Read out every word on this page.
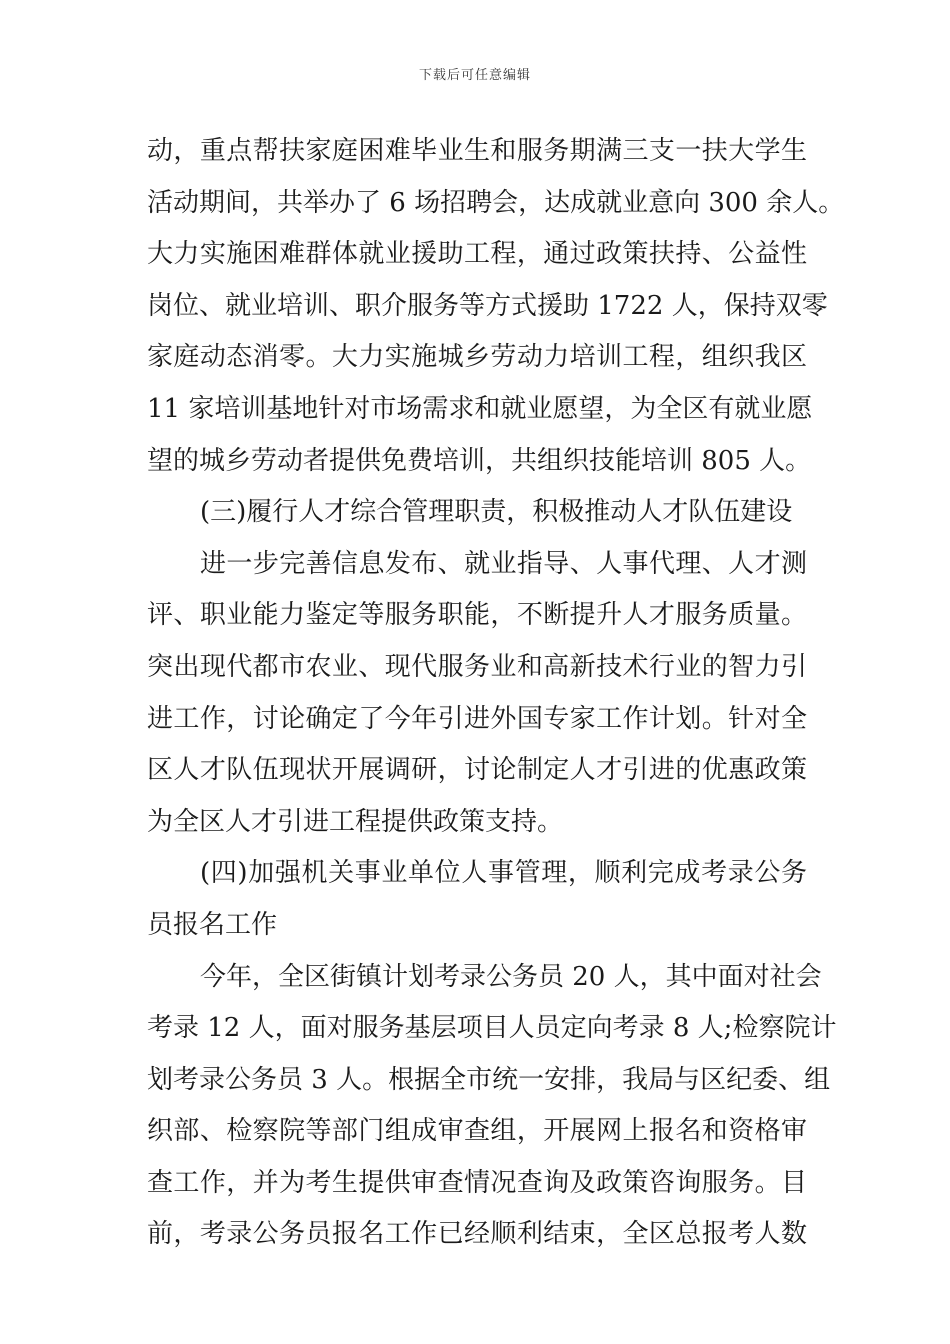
下载后可任意编辑
动，重点帮扶家庭困难毕业生和服务期满三支一扶大学生
活动期间，共举办了 6 场招聘会，达成就业意向 300 余人。
大力实施困难群体就业援助工程，通过政策扶持、公益性
岗位、就业培训、职介服务等方式援助 1722 人，保持双零
家庭动态消零。大力实施城乡劳动力培训工程，组织我区
11 家培训基地针对市场需求和就业愿望，为全区有就业愿
望的城乡劳动者提供免费培训，共组织技能培训 805 人。
(三)履行人才综合管理职责，积极推动人才队伍建设
进一步完善信息发布、就业指导、人事代理、人才测
评、职业能力鉴定等服务职能，不断提升人才服务质量。
突出现代都市农业、现代服务业和高新技术行业的智力引
进工作，讨论确定了今年引进外国专家工作计划。针对全
区人才队伍现状开展调研，讨论制定人才引进的优惠政策
为全区人才引进工程提供政策支持。
(四)加强机关事业单位人事管理，顺利完成考录公务
员报名工作
今年，全区街镇计划考录公务员 20 人，其中面对社会
考录 12 人，面对服务基层项目人员定向考录 8 人;检察院计
划考录公务员 3 人。根据全市统一安排，我局与区纪委、组
织部、检察院等部门组成审查组，开展网上报名和资格审
查工作，并为考生提供审查情况查询及政策咨询服务。目
前，考录公务员报名工作已经顺利结束，全区总报考人数
